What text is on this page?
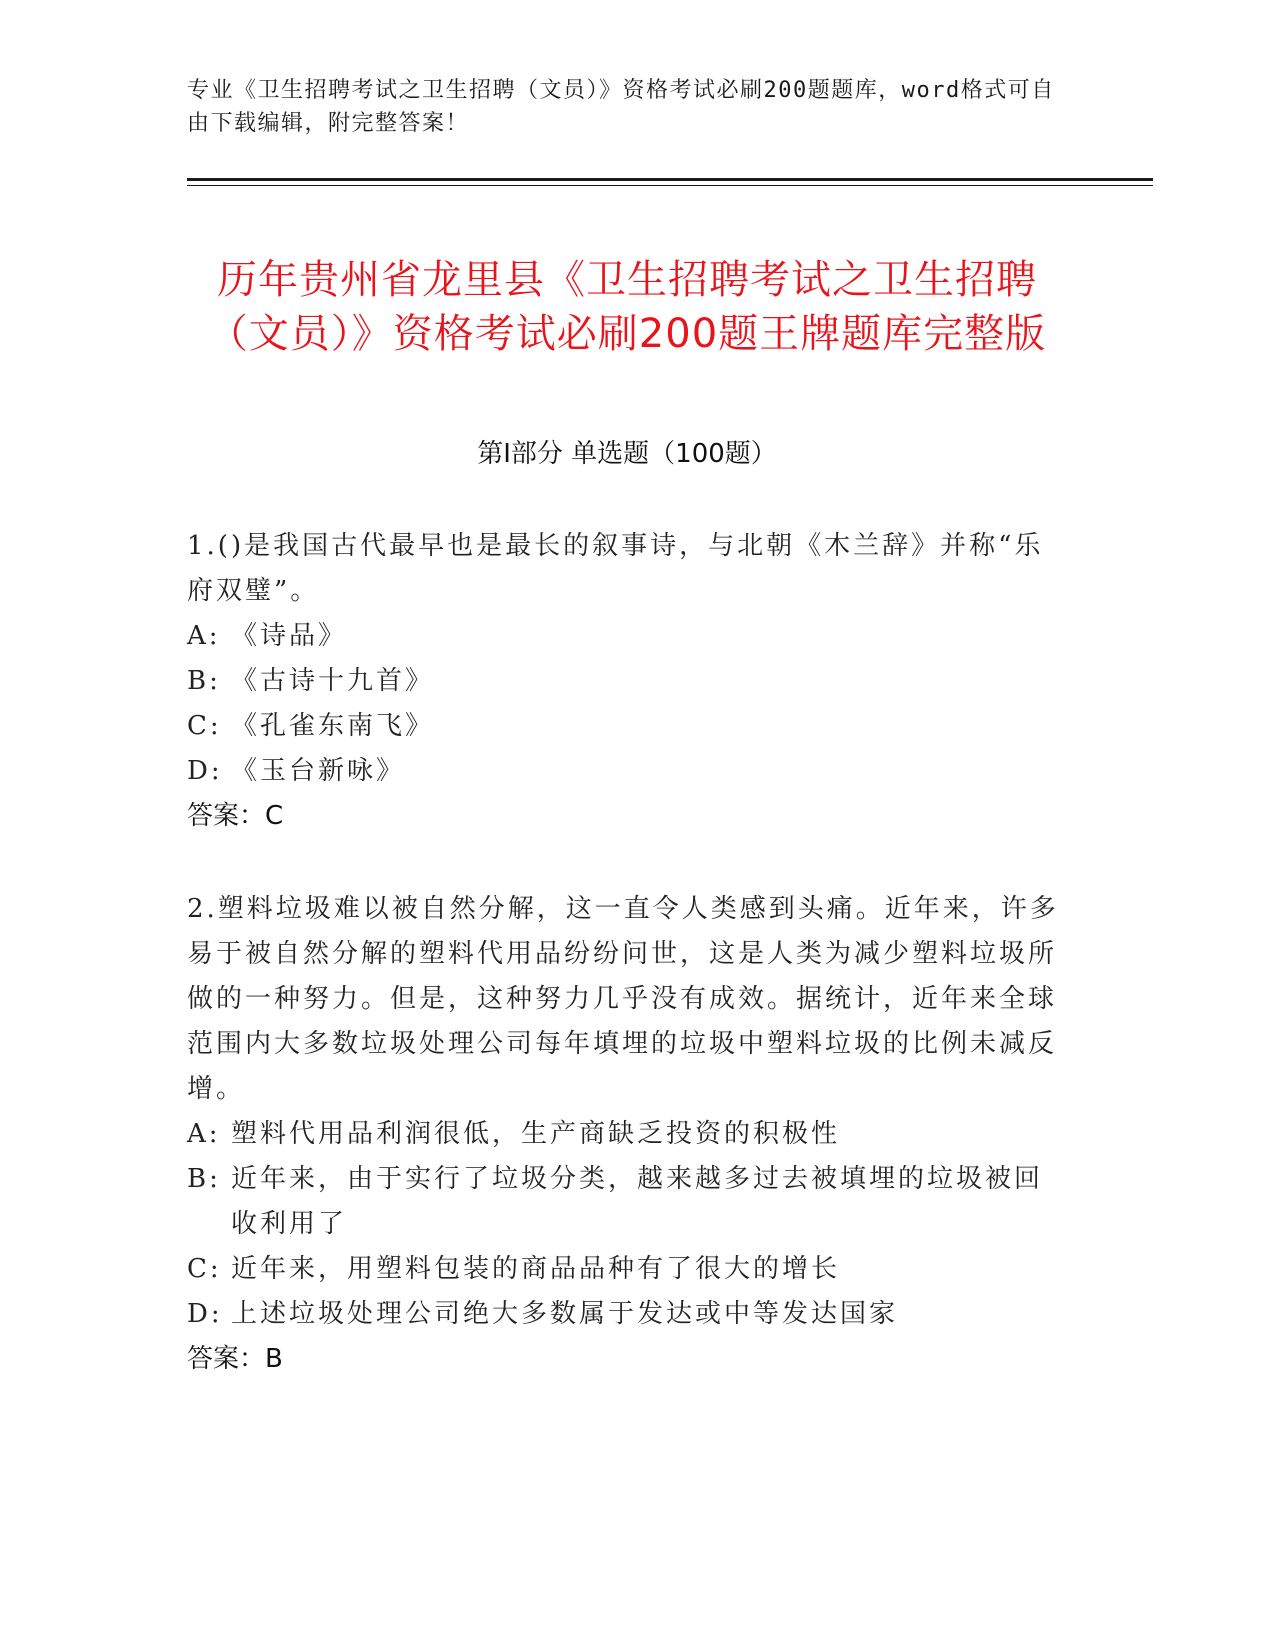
专业《卫生招聘考试之卫生招聘（文员）》资格考试必刷200题题库，word格式可自由下载编辑，附完整答案！
历年贵州省龙里县《卫生招聘考试之卫生招聘（文员）》资格考试必刷200题王牌题库完整版
第I部分 单选题（100题）
1.()是我国古代最早也是最长的叙事诗，与北朝《木兰辞》并称“乐府双璧”。
A: 《诗品》
B: 《古诗十九首》
C: 《孔雀东南飞》
D: 《玉台新咏》
答案：C
2.塑料垃圾难以被自然分解，这一直令人类感到头痛。近年来，许多易于被自然分解的塑料代用品纷纷问世，这是人类为减少塑料垃圾所做的一种努力。但是，这种努力几乎没有成效。据统计，近年来全球范围内大多数垃圾处理公司每年填埋的垃圾中塑料垃圾的比例未减反增。
A: 塑料代用品利润很低，生产商缺乏投资的积极性
B: 近年来，由于实行了垃圾分类，越来越多过去被填埋的垃圾被回收利用了
C: 近年来，用塑料包装的商品品种有了很大的增长
D: 上述垃圾处理公司绝大多数属于发达或中等发达国家
答案：B
